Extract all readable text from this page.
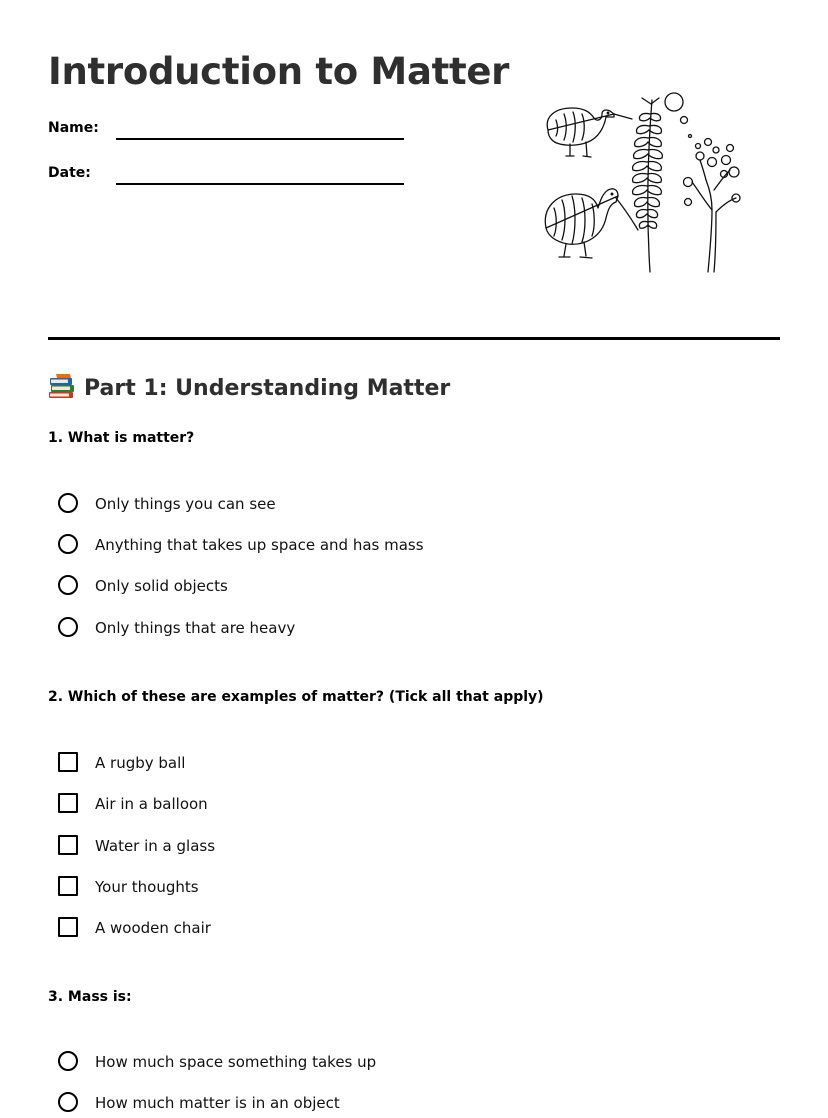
Introduction to Matter
Name:
Date:
Part 1: Understanding Matter
1. What is matter?
Only things you can see
Anything that takes up space and has mass
Only solid objects
Only things that are heavy
2. Which of these are examples of matter? (Tick all that apply)
A rugby ball
Air in a balloon
Water in a glass
Your thoughts
A wooden chair
3. Mass is:
How much space something takes up
How much matter is in an object
